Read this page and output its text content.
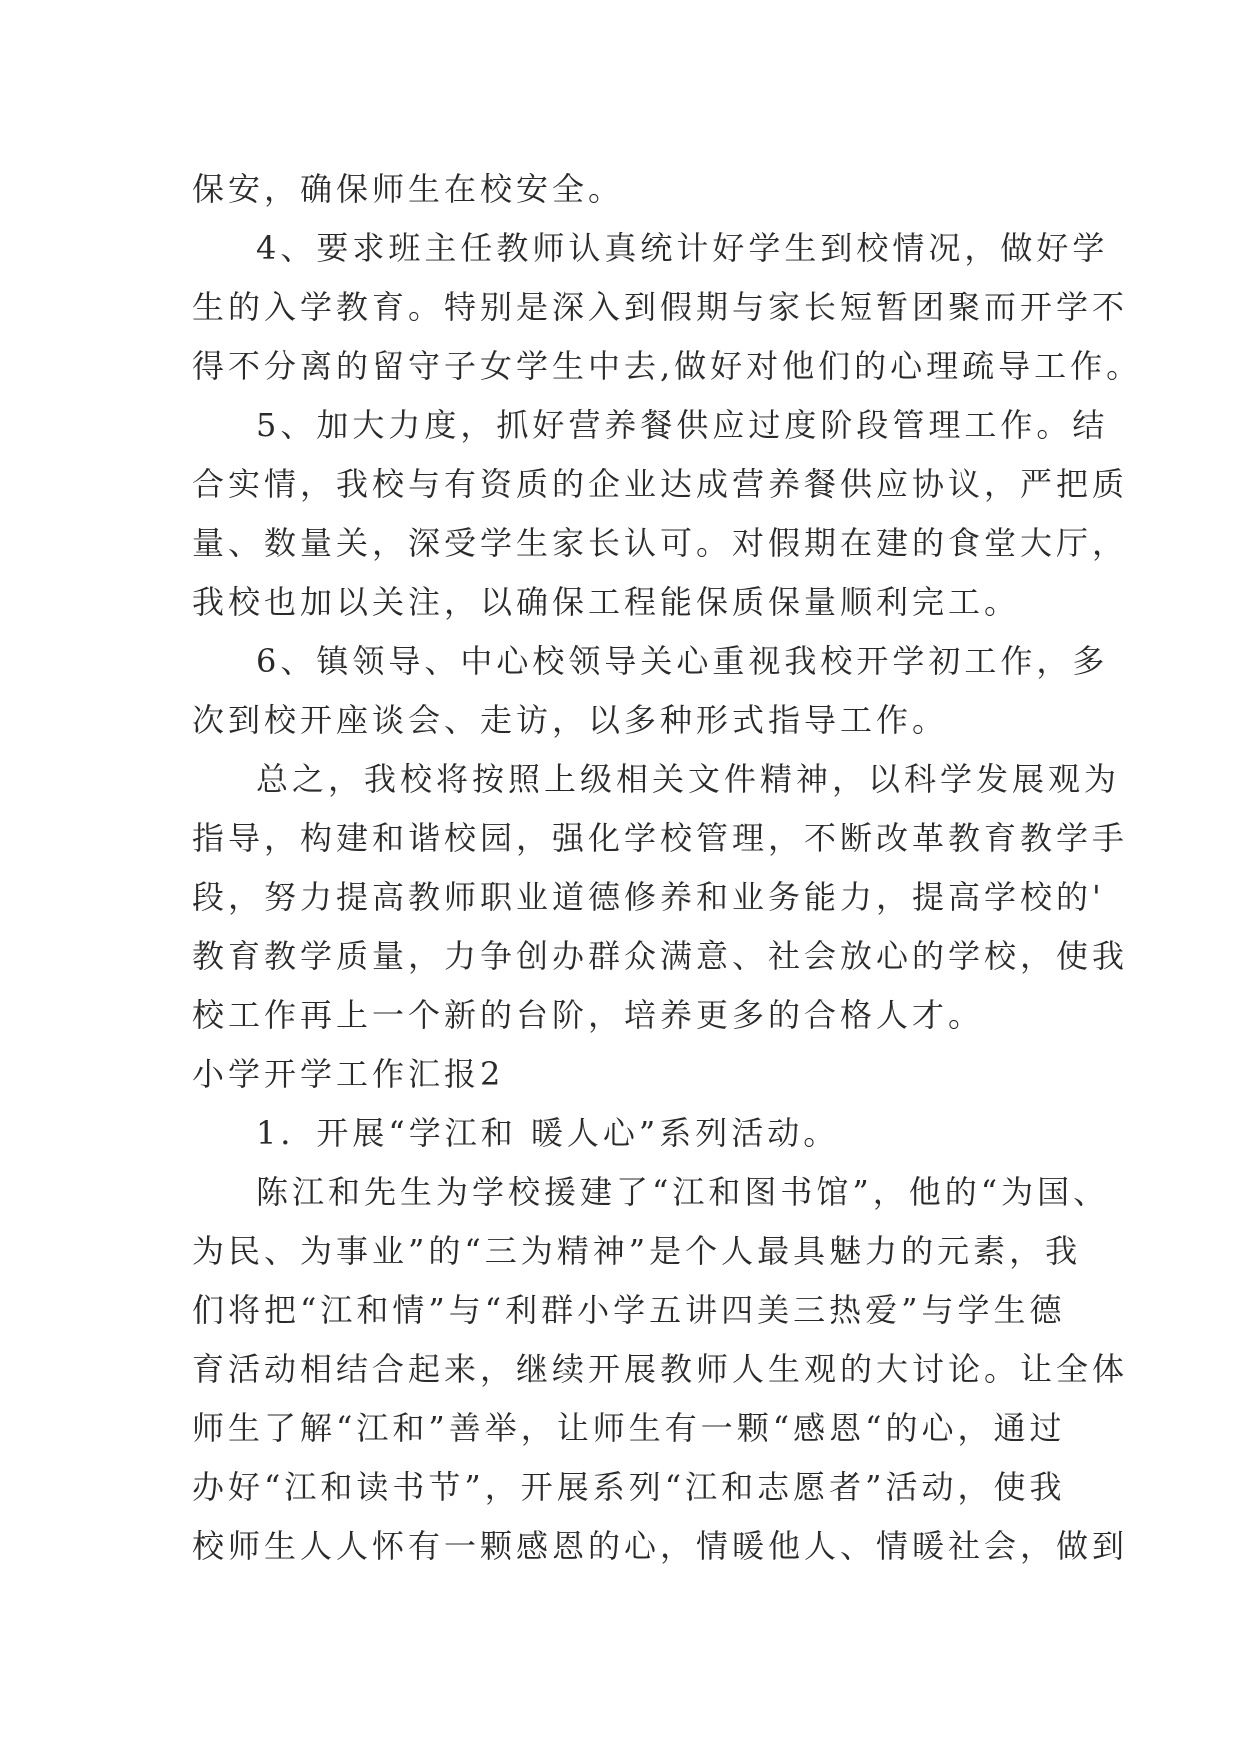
保安，确保师生在校安全。
4、要求班主任教师认真统计好学生到校情况，做好学
生的入学教育。特别是深入到假期与家长短暂团聚而开学不
得不分离的留守子女学生中去,做好对他们的心理疏导工作。
5、加大力度，抓好营养餐供应过度阶段管理工作。结
合实情，我校与有资质的企业达成营养餐供应协议，严把质
量、数量关，深受学生家长认可。对假期在建的食堂大厅，
我校也加以关注，以确保工程能保质保量顺利完工。
6、镇领导、中心校领导关心重视我校开学初工作，多
次到校开座谈会、走访，以多种形式指导工作。
总之，我校将按照上级相关文件精神，以科学发展观为
指导，构建和谐校园，强化学校管理，不断改革教育教学手
段，努力提高教师职业道德修养和业务能力，提高学校的'
教育教学质量，力争创办群众满意、社会放心的学校，使我
校工作再上一个新的台阶，培养更多的合格人才。
小学开学工作汇报2
1．开展“学江和 暖人心”系列活动。
陈江和先生为学校援建了“江和图书馆”，他的“为国、
为民、为事业”的“三为精神”是个人最具魅力的元素，我
们将把“江和情”与“利群小学五讲四美三热爱”与学生德
育活动相结合起来，继续开展教师人生观的大讨论。让全体
师生了解“江和”善举，让师生有一颗“感恩“的心，通过
办好“江和读书节”，开展系列“江和志愿者”活动，使我
校师生人人怀有一颗感恩的心，情暖他人、情暖社会，做到
